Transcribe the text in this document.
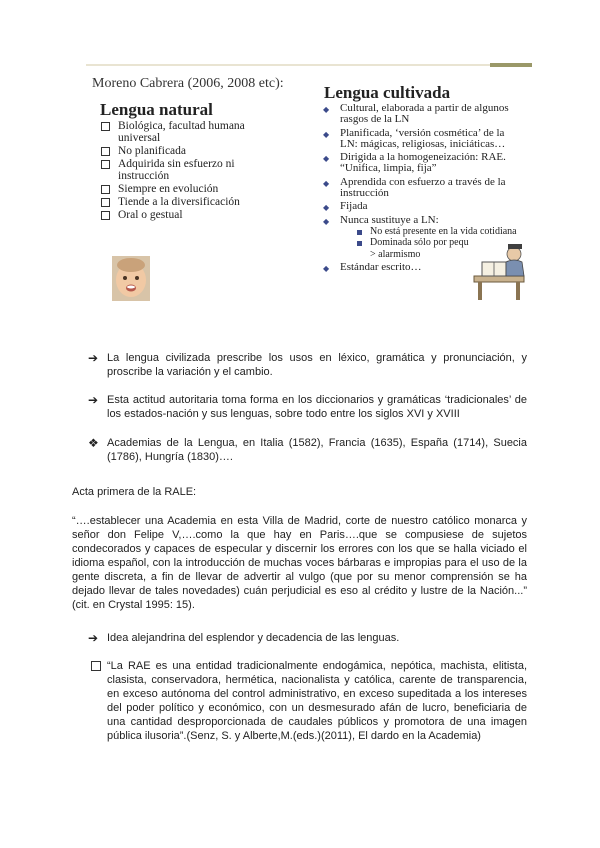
Moreno Cabrera (2006, 2008 etc):
Lengua natural
Biológica, facultad humana universal
No planificada
Adquirida sin esfuerzo ni instrucción
Siempre en evolución
Tiende a la diversificación
Oral o gestual
Lengua cultivada
◆ Cultural, elaborada a partir de algunos rasgos de la LN
◆ Planificada, ‘versión cosmética’ de la LN: mágicas, religiosas, iniciáticas…
◆ Dirigida a la homogeneización: RAE. “Unifica, limpia, fija”
◆ Aprendida con esfuerzo a través de la instrucción
◆ Fijada
◆ Nunca sustituye a LN:
No está presente en la vida cotidiana
Dominada sólo por pequ
> alarmismo
◆ Estándar escrito…
➔ La lengua civilizada prescribe los usos en léxico, gramática y pronunciación, y proscribe la variación y el cambio.
➔ Esta actitud autoritaria toma forma en los diccionarios y gramáticas ‘tradicionales’ de los estados-nación y sus lenguas, sobre todo entre los siglos XVI y XVIII
❖ Academias de la Lengua, en Italia (1582), Francia (1635), España (1714), Suecia (1786), Hungría (1830)….
Acta primera de la RALE:
“….establecer una Academia en esta Villa de Madrid, corte de nuestro católico monarca y señor don Felipe V,….como la que hay en Paris….que se compusiese de sujetos condecorados y capaces de especular y discernir los errores con los que se halla viciado el idioma español, con la introducción de muchas voces bárbaras e impropias para el uso de la gente discreta, a fin de llevar de advertir al vulgo (que por su menor comprensión se ha dejado llevar de tales novedades) cuán perjudicial es eso al crédito y lustre de la Nación...” (cit. en Crystal 1995: 15).
➔ Idea alejandrina del esplendor y decadencia de las lenguas.
“La RAE es una entidad tradicionalmente endogámica, nepótica, machista, elitista, clasista, conservadora, hermética, nacionalista y católica, carente de transparencia, en exceso autónoma del control administrativo, en exceso supeditada a los intereses del poder político y económico, con un desmesurado afán de lucro, beneficiaria de una cantidad desproporcionada de caudales públicos y promotora de una imagen pública ilusoria”.(Senz, S. y Alberte,M.(eds.)(2011), El dardo en la Academia)
